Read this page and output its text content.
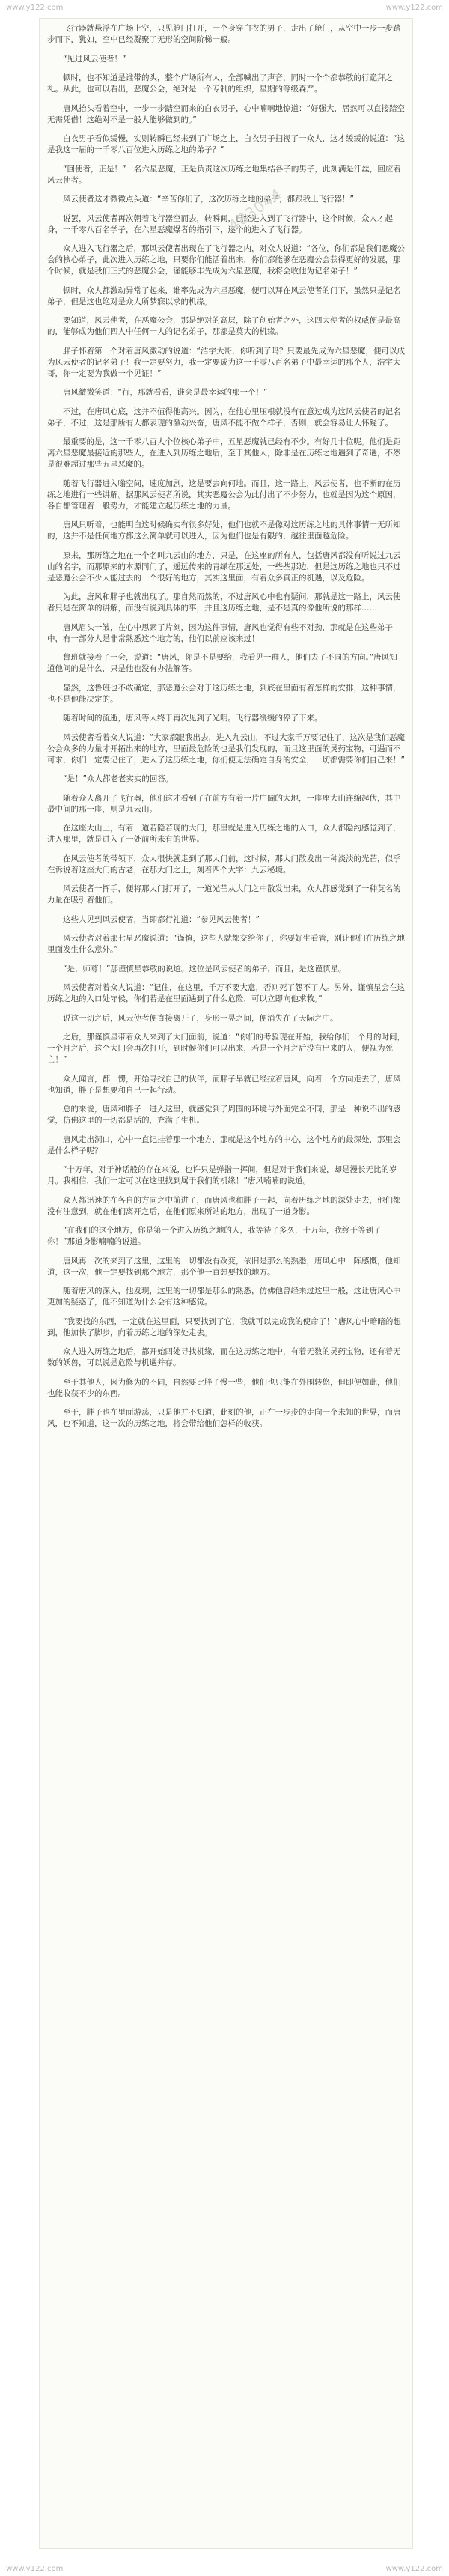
www.y122.com	www.y122.com

飞行器就悬浮在广场上空，只见舱门打开，一个身穿白衣的男子，走出了舱门，从空中一步一步踏步而下，犹如，空中已经凝聚了无形的空间阶梯一般。

“见过风云使者！”

顿时，也不知道是谁带的头，整个广场所有人，全部喊出了声音，同时一个个都恭敬的行跪拜之礼。从此，也可以看出，恶魔公会，绝对是一个专制的组织，星期的等级森严。

唐风抬头看着空中，一步一步踏空而来的白衣男子，心中喃喃地惊道：“好强大，居然可以直接踏空无需凭借！这绝对不是一般人能够做到的。”

白衣男子看似缓慢，实则转瞬已经来到了广场之上，白衣男子扫视了一众人，这才缓缓的说道：“这是我这一届的一千零八百位进入历练之地的弟子？”

“回使者，正是！”一名六星恶魔，正是负责这次历练之地集结各子的男子，此刻满是汗丝，回应着风云使者。

风云使者这才微微点头道：“辛苦你们了，这次历练之地的弟子，都跟我上飞行器！”

说罢，风云使者再次朝着飞行器空而去，转瞬间，已经进入到了飞行器中，这个时候，众人才起身，一千零八百名学子，在六星恶魔爆者的指引下，逐个的进入了飞行器。

众人进入飞行器之后，那风云使者出现在了飞行器之内，对众人说道：“各位，你们都是我们恶魔公会的核心弟子，此次进入历练之地，只要你们能活着出来，你们都能够在恶魔公会获得更好的发展，那个时候，就是我们正式的恶魔公会，谨能够丰先成为六星恶魔，我将会收他为记名弟子！”

顿时，众人都激动异常了起来，谁率先成为六星恶魔，便可以拜在风云使者的门下，虽然只是记名弟子，但是这也绝对是众人所梦寐以求的机缘。

要知道，风云使者，在恶魔公会，那是绝对的高层，除了创始者之外，这四大使者的权威便是最高的，能够成为他们四人中任何一人的记名弟子，那都是莫大的机缘。

胖子怀着第一个对着唐风激动的说道：“浩宇大哥，你听到了吗？只要最先成为六星恶魔，便可以成为风云使者的记名弟子！我一定要努力，我一定要成为这一千零八百名弟子中最幸运的那个人，浩宇大哥，你一定要为我做一个见证！”

唐风微微笑道：“行，那就看看，谁会是最幸运的那一个！”

不过，在唐风心底，这并不值得他高兴。因为，在他心里压根就没有在意过成为这风云使者的记名弟子，不过，这是那所有人都表现的激动兴奋，唐风不能不做个样子，否则，就会容易让人怀疑了。

最重要的是，这一千零八百人个位核心弟子中，五星恶魔就已经有不少。有好几十位呢。他们是距离六星恶魔最接近的那些人，在进入到历练之地后，至于其他人，除非是在历练之地遇到了奇遇，不然是很难超过那些五星恶魔的。

随着飞行器进入嗡空间，速度加剧，这是要去向何地。而且，这一路上，风云使者，也不断的在历练之地进行一些讲解。据那风云使者所说，其实恶魔公会为此付出了不少努力，也就是因为这个原因，各自都管理着一般势力，才能建立起历练之地的力量。

唐风只听着，也能明白这时候确实有很多好处，他们也就不是像对这历练之地的具体事情一无所知的，这并不是任何地方都这么简单就可以进入，因为他们也是有限的，越往里面越危险。

原来，那历练之地在一个名叫九云山的地方，只是，在这座的所有人，包括唐风都没有听说过九云山的名字，而那原来的本源同门了，遥远传来的青绿在那远处，一些些那边，但是这历练之地也只不过是恶魔公会不少人能过去的一个很好的地方，其实这里面，有着众多真正的机遇，以及危险。

为此，唐风和胖子也就出现了。那自然而然的，不过唐风心中也有疑问，那就是这一路上，风云使者只是在简单的讲解，而没有说到具体的事，并且这历练之地，是不是真的像他所说的那样……

唐风眉头一皱，在心中思索了片刻，因为这件事情，唐风也觉得有些不对劲，那就是在这些弟子中，有一部分人是非常熟悉这个地方的，他们以前应该来过！

鲁班就接着了一会，说道：“唐风，你是不是要给，我看见一群人，他们去了不同的方向。”唐风知道他问的是什么，只是他也没有办法解答。

显然，这鲁班也不敢确定，那恶魔公会对于这历练之地，到底在里面有着怎样的安排，这种事情，也不是他能决定的。

随着时间的流逝，唐风等人终于再次见到了光明。飞行器缓缓的停了下来。

风云使者看着众人说道：“大家都跟我出去，进入九云山，不过大家千万要记住了，这次是我们恶魔公会众多的力量才开拓出来的地方，里面最危险的也是我们发现的，而且这里面的灵药宝物，可遇而不可求，你们一定要记住了，进入了这历练之地，你们便无法确定自身的安全，一切都需要你们自己来！”

“是！”众人都老老实实的回答。

随着众人离开了飞行器，他们这才看到了在前方有着一片广阔的大地，一座座大山连绵起伏，其中最中间的那一座，则是九云山。

在这座大山上，有着一道若隐若现的大门，那里就是进入历练之地的入口，众人都隐约感觉到了，进入那里，就是进入了一处前所未有的世界。

在风云使者的带领下，众人很快就走到了那大门前，这时候，那大门散发出一种淡淡的光芒，似乎在诉说着这座大门的古老，在那大门之上，刻着四个大字：九云秘境。

风云使者一挥手，便将那大门打开了，一道光芒从大门之中散发出来，众人都感觉到了一种莫名的力量在吸引着他们。

这些人见到风云使者，当即都行礼道：“参见风云使者！”

风云使者对着那七星恶魔说道：“谨慎，这些人就都交给你了，你要好生看管，别让他们在历练之地里面发生什么意外。”

“是，师尊！”那谨慎星恭敬的说道。这位是风云使者的弟子，而且，是这谨慎星。

风云使者对着众人说道：“记住，在这里，千万不要大意，否则死了怨不了人。另外，谨慎星会在这历练之地的入口处守候，你们若是在里面遇到了什么危险，可以立即向他求救。”

说这一切之后，风云使者便直接离开了，身形一晃之间，便消失在了天际之中。

之后，那谨慎星带着众人来到了大门面前，说道：“你们的考验现在开始，我给你们一个月的时间，一个月之后，这个大门会再次打开，到时候你们可以出来，若是一个月之后没有出来的人，便视为死亡！”

众人闻言，都一愣，开始寻找自己的伙伴，而胖子早就已经拉着唐风，向着一个方向走去了，唐风也知道，胖子是想要和自己一起行动。

总的来说，唐风和胖子一进入这里，就感觉到了周围的环境与外面完全不同，那是一种说不出的感觉，仿佛这里的一切都是活的，充满了生机。

唐风走出洞口，心中一直记挂着那一个地方，那就是这个地方的中心，这个地方的最深处，那里会是什么样子呢？

“十万年，对于神话般的存在来说，也许只是弹指一挥间，但是对于我们来说，却是漫长无比的岁月。我相信，我们一定可以在这里找到属于我们的机缘！”唐风喃喃的说道。

众人都迅速的在各自的方向之中前进了，而唐风也和胖子一起，向着历练之地的深处走去，他们都没有注意到，就在他们离开之后，在他们原来所站的地方，出现了一道身影。

“在我们的这个地方，你是第一个进入历练之地的人，我等待了多久，十万年，我终于等到了你！”那道身影喃喃的说道。

唐风再一次的来到了这里，这里的一切都没有改变，依旧是那么的熟悉，唐风心中一阵感慨，他知道，这一次，他一定要找到那个地方，那个他一直想要找的地方。

随着唐风的深入，他发现，这里的一切都是那么的熟悉，仿佛他曾经来过这里一般，这让唐风心中更加的疑惑了，他不知道为什么会有这种感觉。

“我要找的东西，一定就在这里面，只要找到了它，我就可以完成我的使命了！”唐风心中暗暗的想到，他加快了脚步，向着历练之地的深处走去。

众人进入历练之地后，都开始四处寻找机缘，而在这历练之地中，有着无数的灵药宝物，还有着无数的妖兽，可以说是危险与机遇并存。

至于其他人，因为修为的不同，自然要比胖子慢一些，他们也只能在外围转悠，但即便如此，他们也能收获不少的东西。

至于，胖子也在里面游荡，只是他并不知道，此刻的他，正在一步步的走向一个未知的世界，而唐风，也不知道，这一次的历练之地，将会带给他们怎样的收获。

483044
www.y122.com	www.y122.com
